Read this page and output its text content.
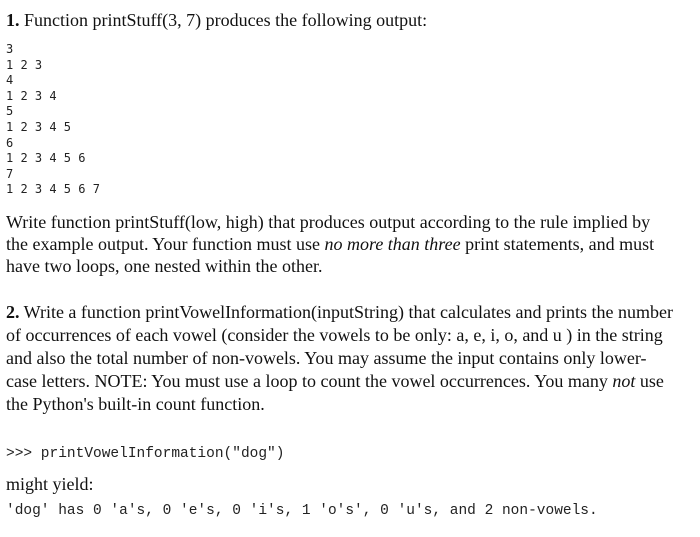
1. Function printStuff(3, 7) produces the following output:
3
1 2 3
4
1 2 3 4
5
1 2 3 4 5
6
1 2 3 4 5 6
7
1 2 3 4 5 6 7
Write function printStuff(low, high) that produces output according to the rule implied by
the example output. Your function must use no more than three print statements, and must
have two loops, one nested within the other.
2. Write a function printVowelInformation(inputString) that calculates and prints the number
of occurrences of each vowel (consider the vowels to be only: a, e, i, o, and u ) in the string
and also the total number of non-vowels. You may assume the input contains only lower-
case letters. NOTE: You must use a loop to count the vowel occurrences. You many not use
the Python's built-in count function.
>>> printVowelInformation("dog")
might yield:
'dog' has 0 'a's, 0 'e's, 0 'i's, 1 'o's', 0 'u's, and 2 non-vowels.
